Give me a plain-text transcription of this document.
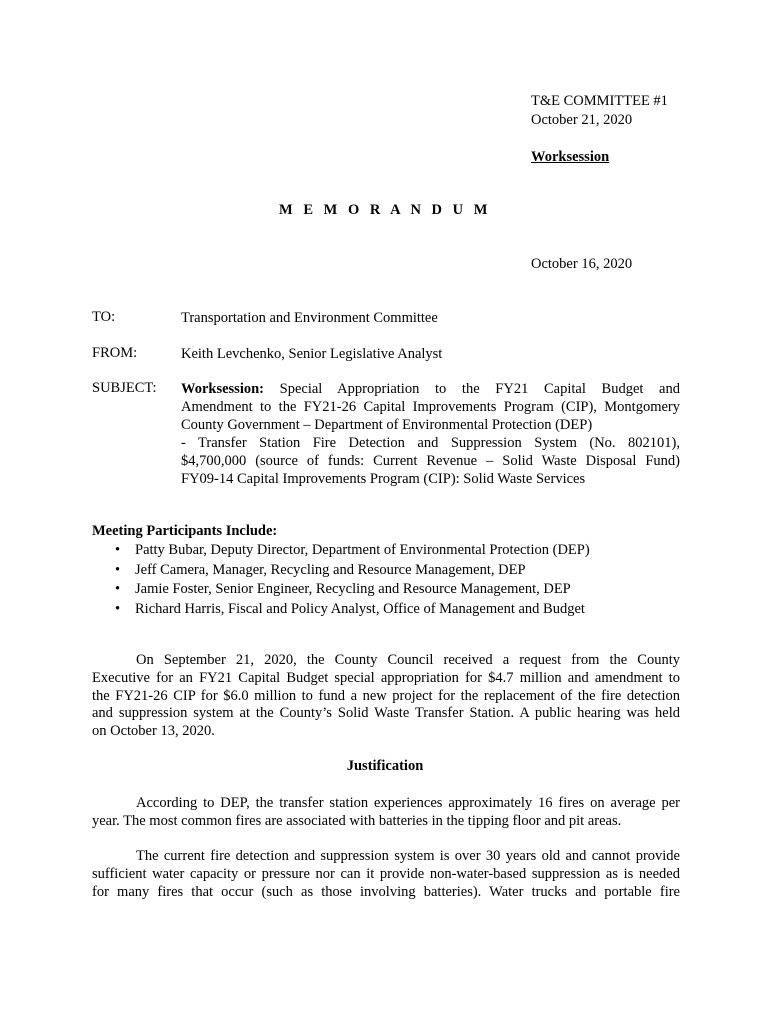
T&E COMMITTEE #1
October 21, 2020
Worksession
M E M O R A N D U M
October 16, 2020
TO:	Transportation and Environment Committee
FROM:	Keith Levchenko, Senior Legislative Analyst
SUBJECT: Worksession: Special Appropriation to the FY21 Capital Budget and
Amendment to the FY21-26 Capital Improvements Program (CIP), Montgomery
County Government – Department of Environmental Protection (DEP)
- Transfer Station Fire Detection and Suppression System (No. 802101),
$4,700,000 (source of funds: Current Revenue – Solid Waste Disposal Fund)
FY09-14 Capital Improvements Program (CIP): Solid Waste Services
Meeting Participants Include:
• Patty Bubar, Deputy Director, Department of Environmental Protection (DEP)
• Jeff Camera, Manager, Recycling and Resource Management, DEP
• Jamie Foster, Senior Engineer, Recycling and Resource Management, DEP
• Richard Harris, Fiscal and Policy Analyst, Office of Management and Budget
On September 21, 2020, the County Council received a request from the County
Executive for an FY21 Capital Budget special appropriation for $4.7 million and amendment to
the FY21-26 CIP for $6.0 million to fund a new project for the replacement of the fire detection
and suppression system at the County’s Solid Waste Transfer Station. A public hearing was held
on October 13, 2020.
Justification
According to DEP, the transfer station experiences approximately 16 fires on average per
year. The most common fires are associated with batteries in the tipping floor and pit areas.
The current fire detection and suppression system is over 30 years old and cannot provide
sufficient water capacity or pressure nor can it provide non-water-based suppression as is needed
for many fires that occur (such as those involving batteries). Water trucks and portable fire
